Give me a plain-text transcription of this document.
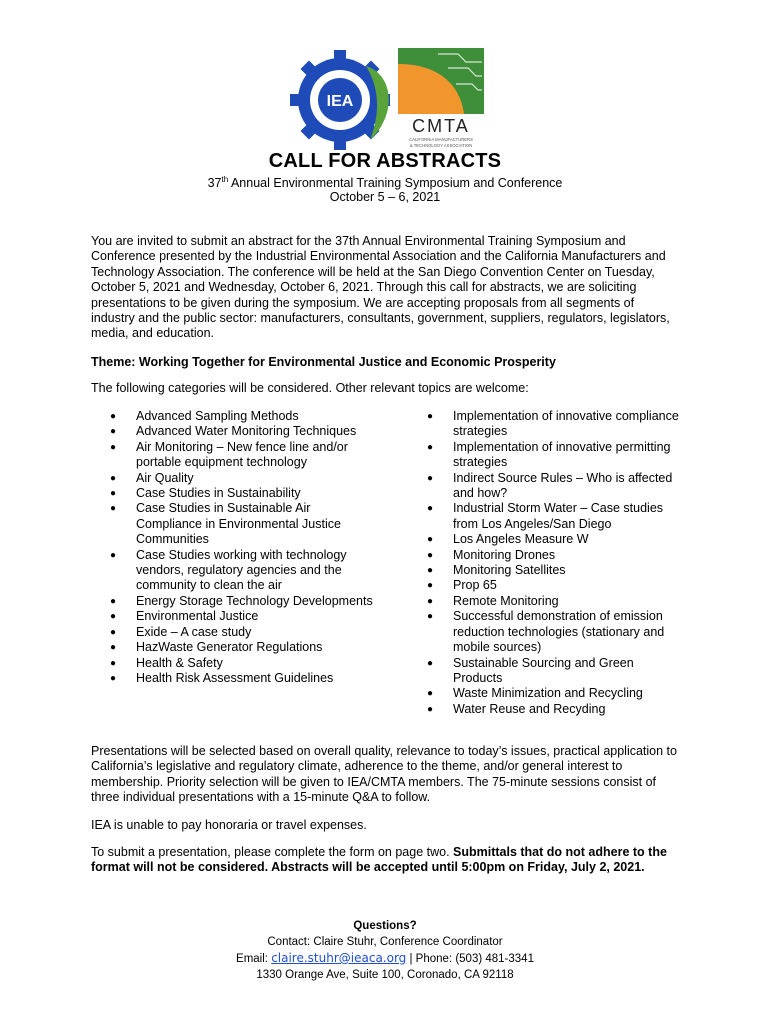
IEA
CMTA
CALIFORNIA MANUFACTURERS
& TECHNOLOGY ASSOCIATION
CALL FOR ABSTRACTS
37th Annual Environmental Training Symposium and Conference
October 5 – 6, 2021
You are invited to submit an abstract for the 37th Annual Environmental Training Symposium and Conference presented by the Industrial Environmental Association and the California Manufacturers and Technology Association. The conference will be held at the San Diego Convention Center on Tuesday, October 5, 2021 and Wednesday, October 6, 2021. Through this call for abstracts, we are soliciting presentations to be given during the symposium. We are accepting proposals from all segments of industry and the public sector: manufacturers, consultants, government, suppliers, regulators, legislators, media, and education.
Theme: Working Together for Environmental Justice and Economic Prosperity
The following categories will be considered. Other relevant topics are welcome:
● Advanced Sampling Methods
● Advanced Water Monitoring Techniques
● Air Monitoring – New fence line and/or portable equipment technology
● Air Quality
● Case Studies in Sustainability
● Case Studies in Sustainable Air Compliance in Environmental Justice Communities
● Case Studies working with technology vendors, regulatory agencies and the community to clean the air
● Energy Storage Technology Developments
● Environmental Justice
● Exide – A case study
● HazWaste Generator Regulations
● Health & Safety
● Health Risk Assessment Guidelines
● Implementation of innovative compliance strategies
● Implementation of innovative permitting strategies
● Indirect Source Rules – Who is affected and how?
● Industrial Storm Water – Case studies from Los Angeles/San Diego
● Los Angeles Measure W
● Monitoring Drones
● Monitoring Satellites
● Prop 65
● Remote Monitoring
● Successful demonstration of emission reduction technologies (stationary and mobile sources)
● Sustainable Sourcing and Green Products
● Waste Minimization and Recycling
● Water Reuse and Recyding
Presentations will be selected based on overall quality, relevance to today’s issues, practical application to California’s legislative and regulatory climate, adherence to the theme, and/or general interest to membership. Priority selection will be given to IEA/CMTA members. The 75-minute sessions consist of three individual presentations with a 15-minute Q&A to follow.
IEA is unable to pay honoraria or travel expenses.
To submit a presentation, please complete the form on page two. Submittals that do not adhere to the format will not be considered. Abstracts will be accepted until 5:00pm on Friday, July 2, 2021.
Questions?
Contact: Claire Stuhr, Conference Coordinator
Email: claire.stuhr@ieaca.org | Phone: (503) 481-3341
1330 Orange Ave, Suite 100, Coronado, CA 92118
